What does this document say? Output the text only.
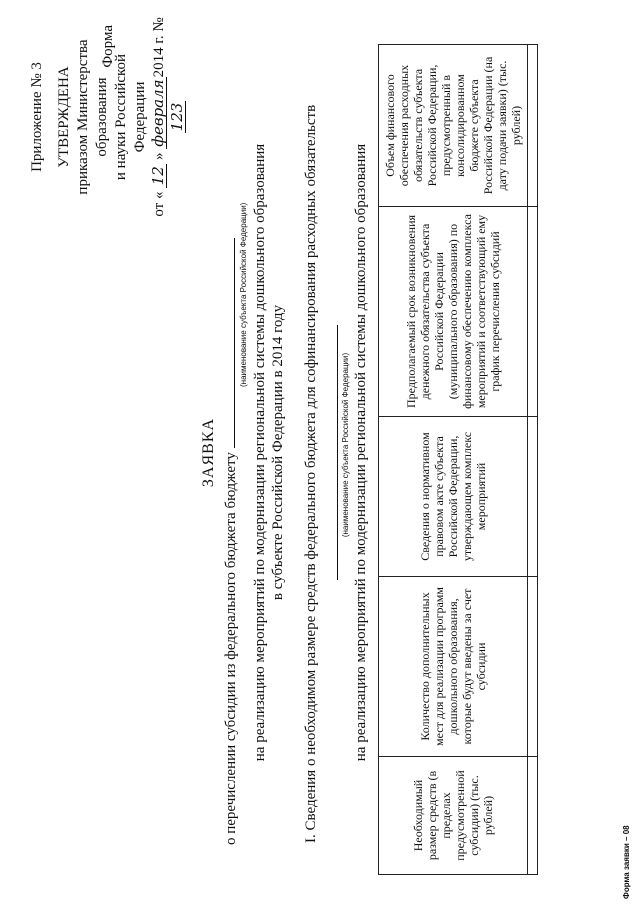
Приложение № 3 УТВЕРЖДЕНА приказом Министерства образования и науки Российской Федерации
от « 12 » февраля2014 г. № 123
Форма
ЗАЯВКА о перечислении субсидии из федерального бюджета бюджету
(наименование субъекта Российской Федерации) на реализацию мероприятий по модернизации региональной системы дошкольного образования в субъекте Российской Федерации в 2014 году I. Сведения о необходимом размере средств федерального бюджета для софинансирования расходных обязательств	(наименование субъекта Российской Федерации) на реализацию мероприятий по модернизации региональной системы дошкольного образования
Необходимый размер средств (в пределах предусмотренной субсидии) (тыс. рублей)	Количество дополнительных мест для реализации программ дошкольного образования, которые будут введены за счет субсидии	Сведения о нормативном правовом акте субъекта Российской Федерации, утверждающем комплекс мероприятий	Предполагаемый срок возникновения денежного обязательства субъекта Российской Федерации (муниципального образования) по финансовому обеспечению комплекса мероприятий и соответствующий ему график перечисления субсидий	Объем финансового обеспечения расходных обязательств субъекта Российской Федерации, предусмотренный в консолидированном бюджете субъекта Российской Федерации (на дату подачи заявки) (тыс. рублей)

Форма заявки – 08
